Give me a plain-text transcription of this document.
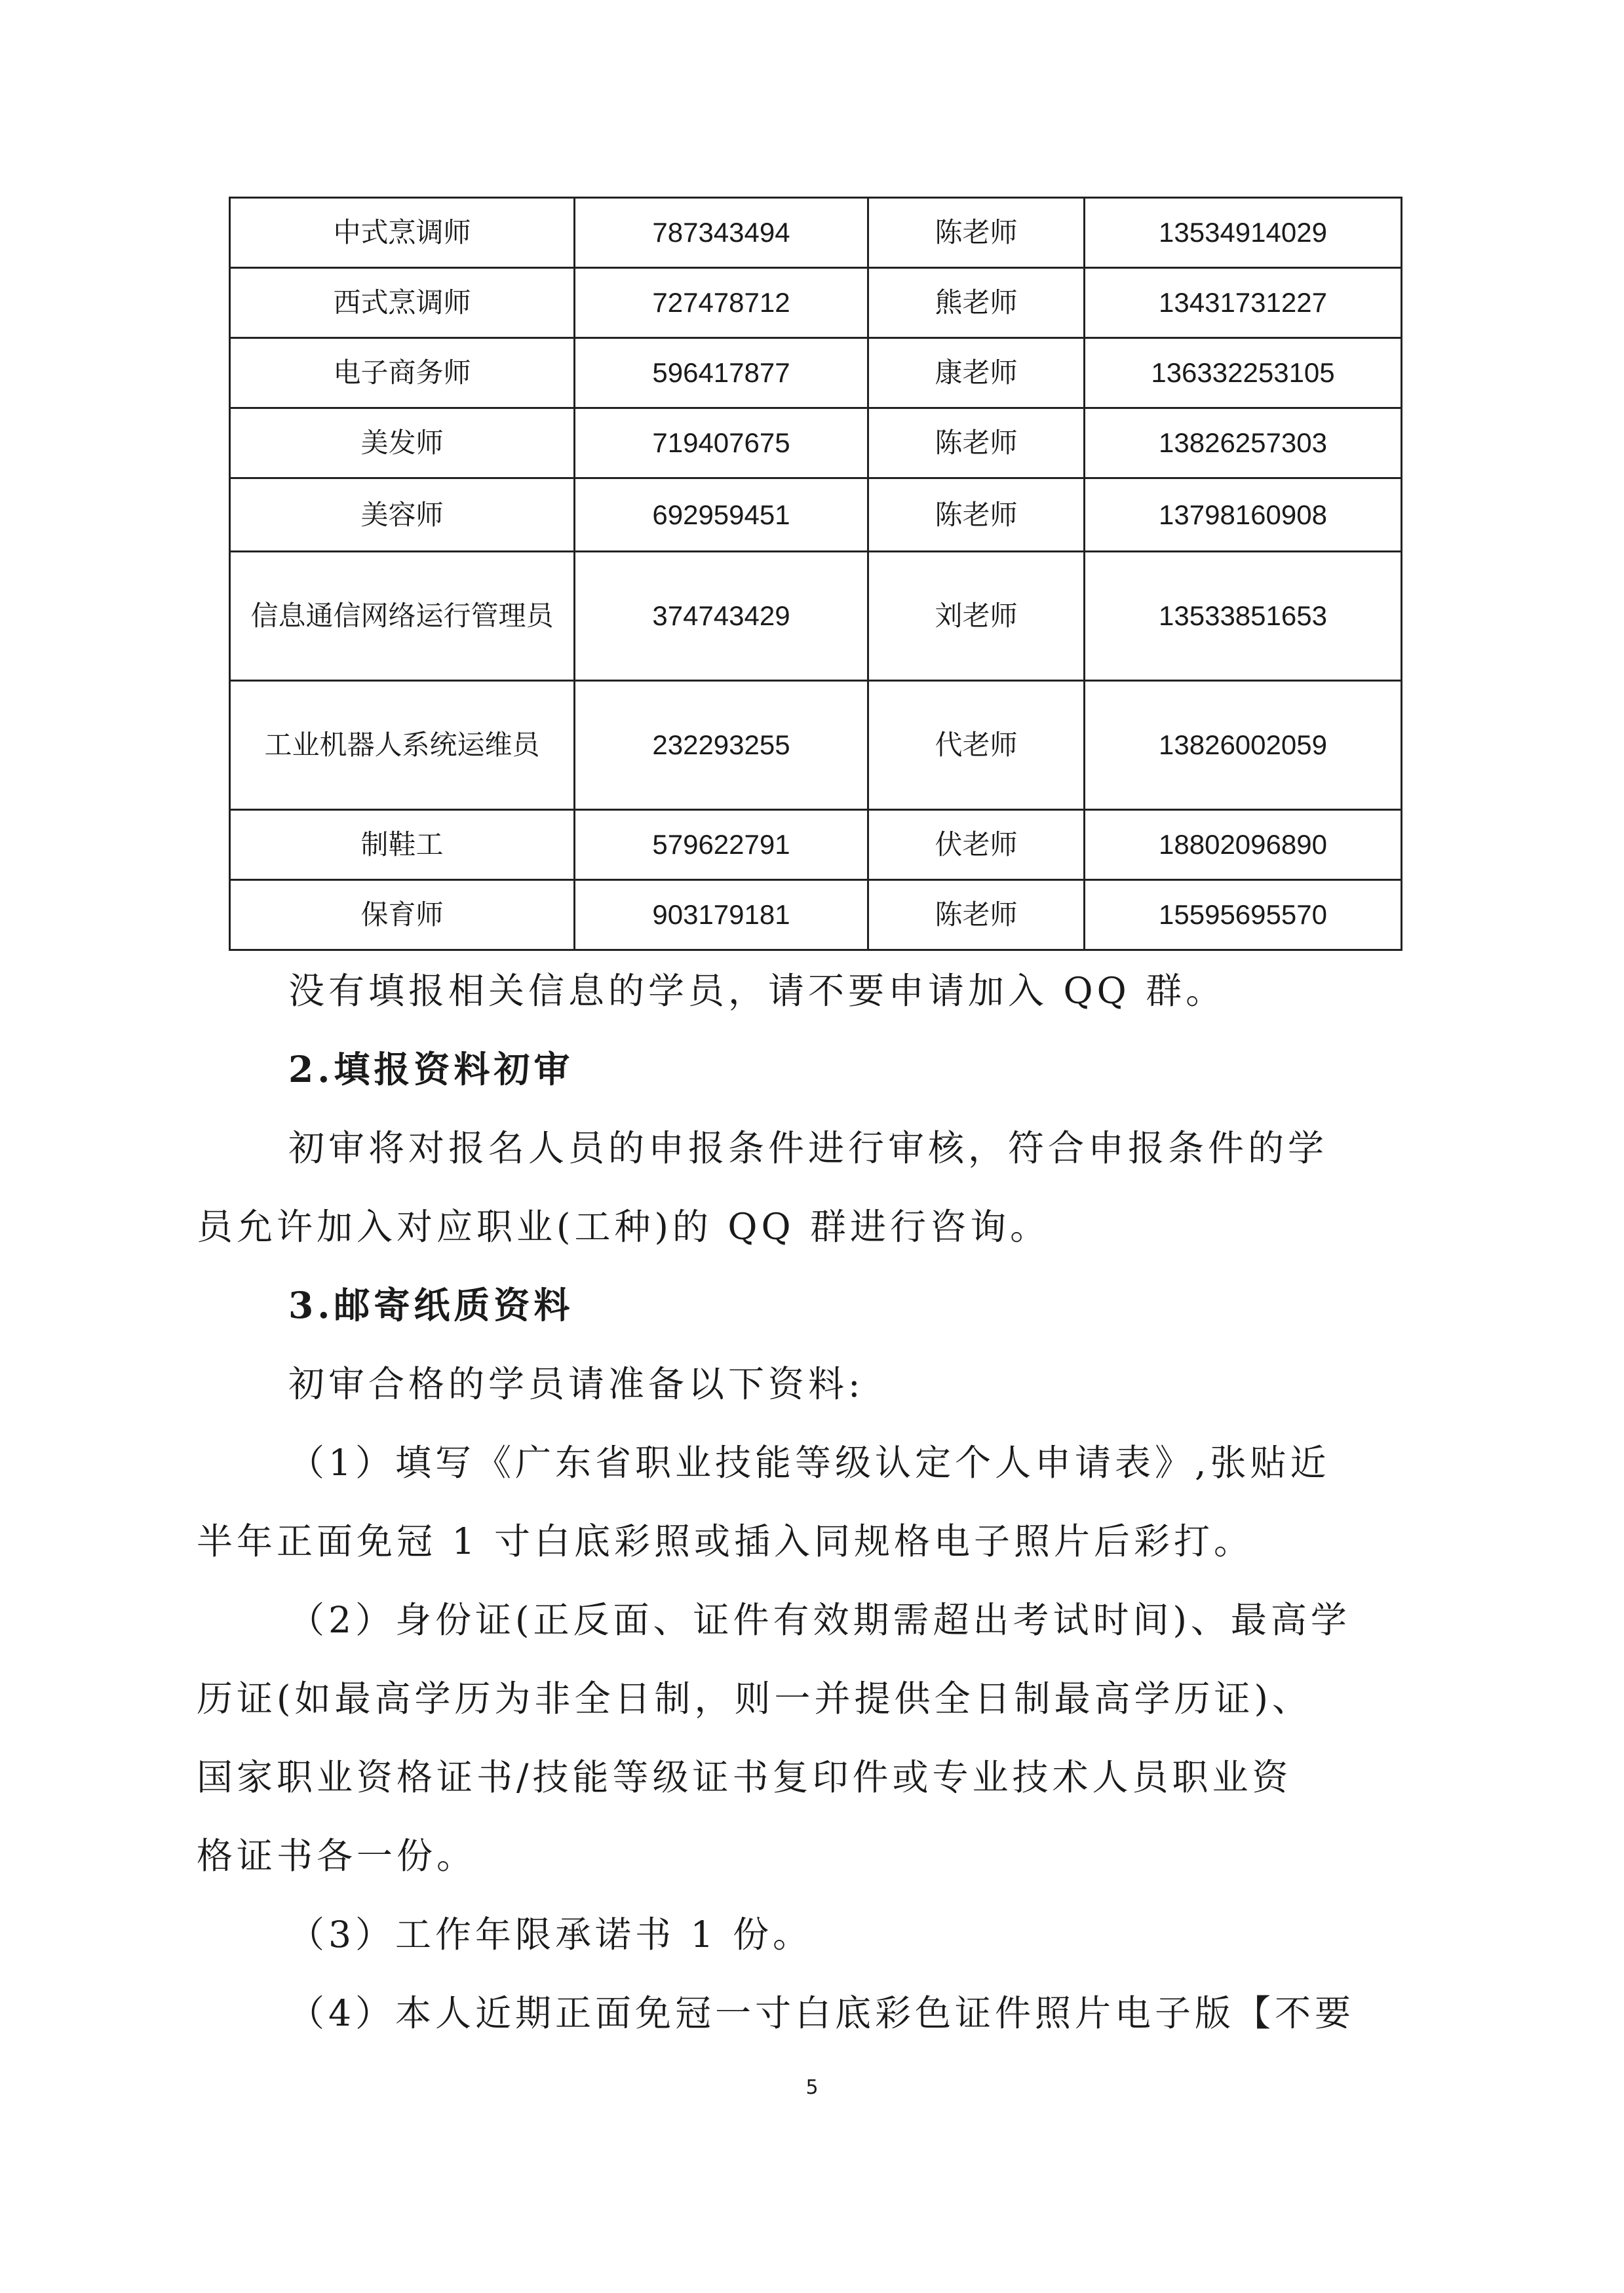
中式烹调师	787343494	陈老师	13534914029
西式烹调师	727478712	熊老师	13431731227
电子商务师	596417877	康老师	136332253105
美发师	719407675	陈老师	13826257303
美容师	692959451	陈老师	13798160908
信息通信网络运行管理员	374743429	刘老师	13533851653
工业机器人系统运维员	232293255	代老师	13826002059
制鞋工	579622791	伏老师	18802096890
保育师	903179181	陈老师	15595695570

没有填报相关信息的学员，请不要申请加入 QQ 群。

2.填报资料初审

初审将对报名人员的申报条件进行审核，符合申报条件的学

员允许加入对应职业(工种)的 QQ 群进行咨询。

3.邮寄纸质资料

初审合格的学员请准备以下资料:

（1）填写《广东省职业技能等级认定个人申请表》,张贴近

半年正面免冠 1 寸白底彩照或插入同规格电子照片后彩打。

（2）身份证(正反面、证件有效期需超出考试时间)、最高学

历证(如最高学历为非全日制，则一并提供全日制最高学历证)、

国家职业资格证书/技能等级证书复印件或专业技术人员职业资

格证书各一份。

（3）工作年限承诺书 1 份。

（4）本人近期正面免冠一寸白底彩色证件照片电子版【不要

5
